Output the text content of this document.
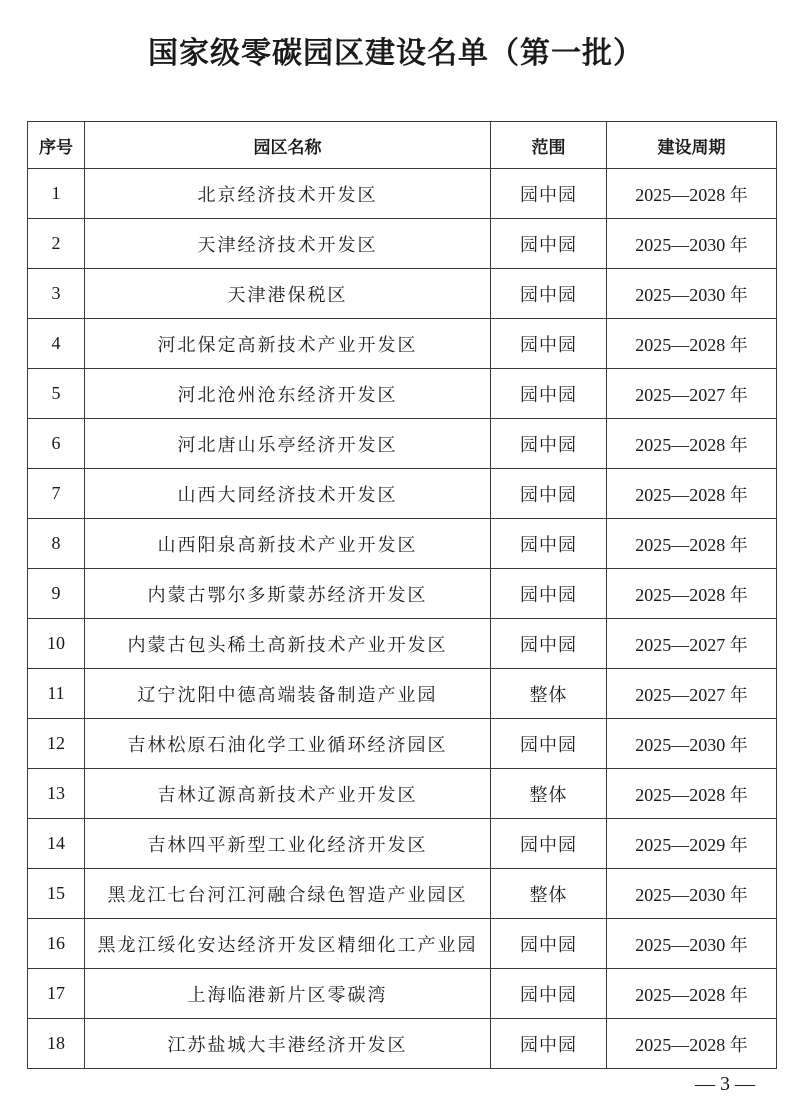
国家级零碳园区建设名单（第一批）
序号	园区名称	范围	建设周期
1	北京经济技术开发区	园中园	2025—2028 年
2	天津经济技术开发区	园中园	2025—2030 年
3	天津港保税区	园中园	2025—2030 年
4	河北保定高新技术产业开发区	园中园	2025—2028 年
5	河北沧州沧东经济开发区	园中园	2025—2027 年
6	河北唐山乐亭经济开发区	园中园	2025—2028 年
7	山西大同经济技术开发区	园中园	2025—2028 年
8	山西阳泉高新技术产业开发区	园中园	2025—2028 年
9	内蒙古鄂尔多斯蒙苏经济开发区	园中园	2025—2028 年
10	内蒙古包头稀土高新技术产业开发区	园中园	2025—2027 年
11	辽宁沈阳中德高端装备制造产业园	整体	2025—2027 年
12	吉林松原石油化学工业循环经济园区	园中园	2025—2030 年
13	吉林辽源高新技术产业开发区	整体	2025—2028 年
14	吉林四平新型工业化经济开发区	园中园	2025—2029 年
15	黑龙江七台河江河融合绿色智造产业园区	整体	2025—2030 年
16	黑龙江绥化安达经济开发区精细化工产业园	园中园	2025—2030 年
17	上海临港新片区零碳湾	园中园	2025—2028 年
18	江苏盐城大丰港经济开发区	园中园	2025—2028 年
— 3 —
